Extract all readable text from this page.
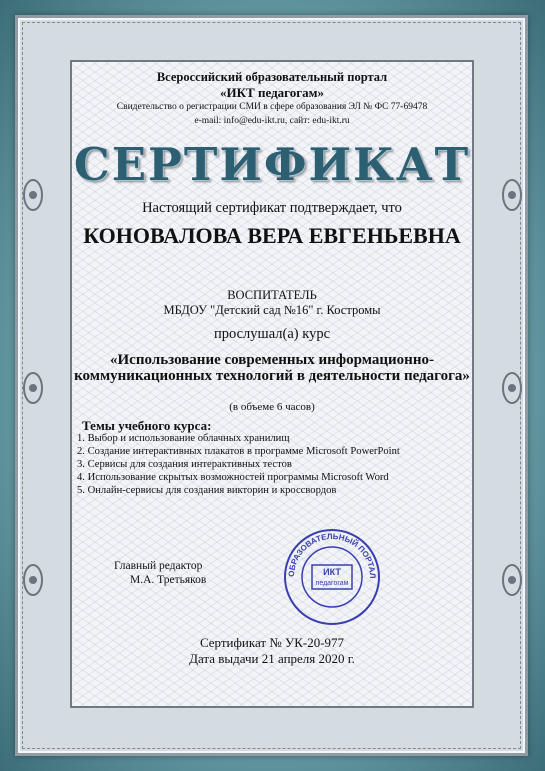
Всероссийский образовательный портал
«ИКТ педагогам»
Свидетельство о регистрации СМИ в сфере образования ЭЛ № ФС 77-69478
e-mail: info@edu-ikt.ru, сайт: edu-ikt.ru
СЕРТИФИКАТ
Настоящий сертификат подтверждает, что
КОНОВАЛОВА ВЕРА ЕВГЕНЬЕВНА
ВОСПИТАТЕЛЬ
МБДОУ "Детский сад №16" г. Костромы
прослушал(а) курс
«Использование современных информационно-коммуникационных технологий в деятельности педагога»
(в объеме 6 часов)
Темы учебного курса:
1. Выбор и использование облачных хранилищ
2. Создание интерактивных плакатов в программе Microsoft PowerPoint
3. Сервисы для создания интерактивных тестов
4. Использование скрытых возможностей программы Microsoft Word
5. Онлайн-сервисы для создания викторин и кроссвордов
Главный редактор
М.А. Третьяков
ОБРАЗОВАТЕЛЬНЫЙ ПОРТАЛ
ИКТ
педагогам
Сертификат № УК-20-977
Дата выдачи 21 апреля 2020 г.
